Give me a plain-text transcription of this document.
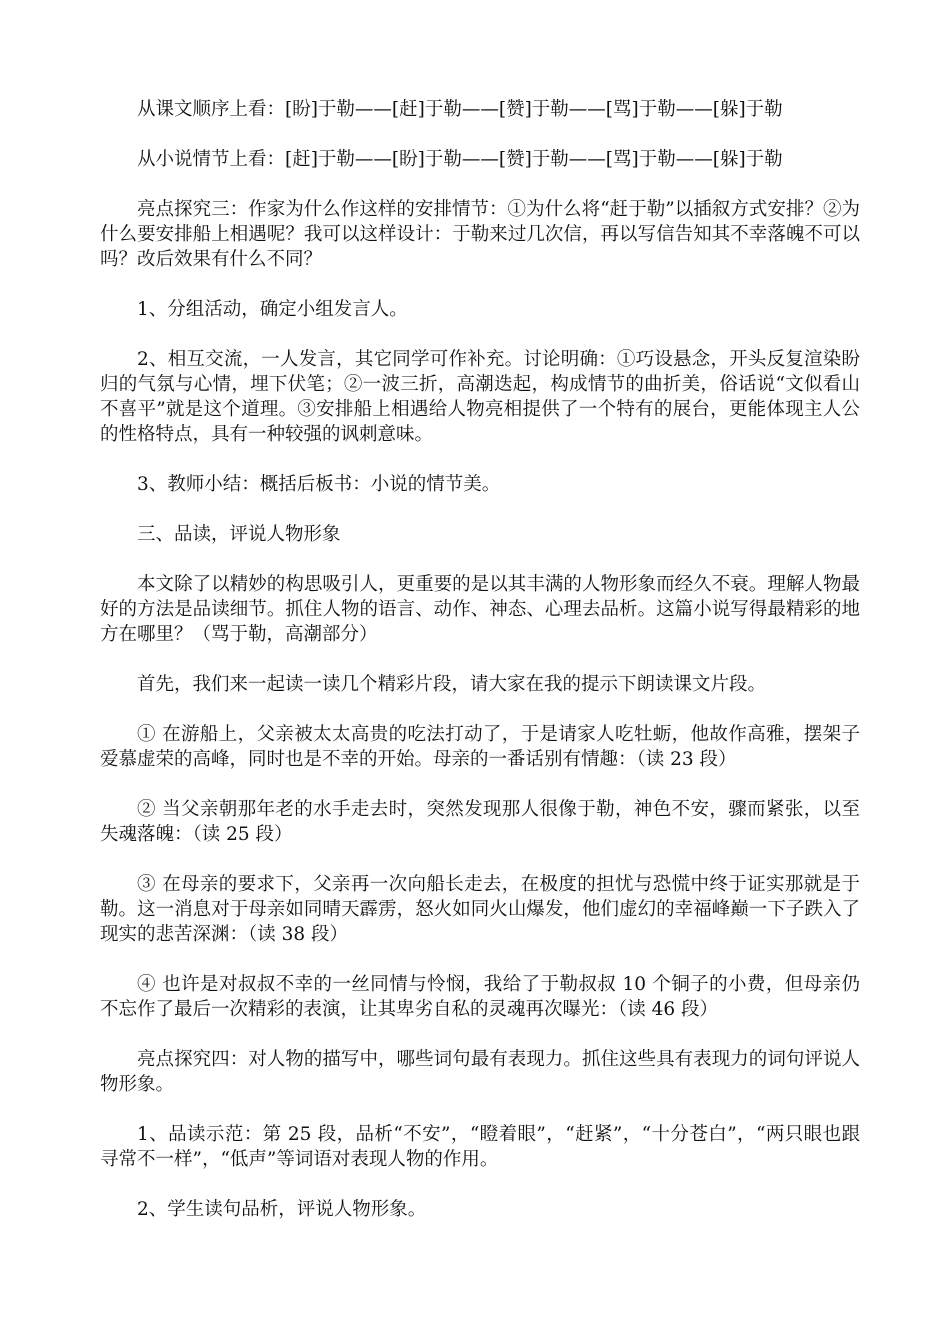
从课文顺序上看：[盼]于勒——[赶]于勒——[赞]于勒——[骂]于勒——[躲]于勒

从小说情节上看：[赶]于勒——[盼]于勒——[赞]于勒——[骂]于勒——[躲]于勒

亮点探究三：作家为什么作这样的安排情节：①为什么将“赶于勒”以插叙方式安排？②为什么要安排船上相遇呢？我可以这样设计：于勒来过几次信，再以写信告知其不幸落魄不可以吗？改后效果有什么不同？

1、分组活动，确定小组发言人。

2、相互交流，一人发言，其它同学可作补充。讨论明确：①巧设悬念，开头反复渲染盼归的气氛与心情，埋下伏笔；②一波三折，高潮迭起，构成情节的曲折美，俗话说“文似看山不喜平”就是这个道理。③安排船上相遇给人物亮相提供了一个特有的展台，更能体现主人公的性格特点，具有一种较强的讽刺意味。

3、教师小结：概括后板书：小说的情节美。

三、品读，评说人物形象

本文除了以精妙的构思吸引人，更重要的是以其丰满的人物形象而经久不衰。理解人物最好的方法是品读细节。抓住人物的语言、动作、神态、心理去品析。这篇小说写得最精彩的地方在哪里？（骂于勒，高潮部分）

首先，我们来一起读一读几个精彩片段，请大家在我的提示下朗读课文片段。

① 在游船上，父亲被太太高贵的吃法打动了，于是请家人吃牡蛎，他故作高雅，摆架子爱慕虚荣的高峰，同时也是不幸的开始。母亲的一番话别有情趣：（读 23 段）

② 当父亲朝那年老的水手走去时，突然发现那人很像于勒，神色不安，骤而紧张，以至失魂落魄：（读 25 段）

③ 在母亲的要求下，父亲再一次向船长走去，在极度的担忧与恐慌中终于证实那就是于勒。这一消息对于母亲如同晴天霹雳，怒火如同火山爆发，他们虚幻的幸福峰巅一下子跌入了现实的悲苦深渊：（读 38 段）

④ 也许是对叔叔不幸的一丝同情与怜悯，我给了于勒叔叔 10 个铜子的小费，但母亲仍不忘作了最后一次精彩的表演，让其卑劣自私的灵魂再次曝光：（读 46 段）

亮点探究四：对人物的描写中，哪些词句最有表现力。抓住这些具有表现力的词句评说人物形象。

1、品读示范：第 25 段，品析“不安”，“瞪着眼”，“赶紧”，“十分苍白”，“两只眼也跟寻常不一样”，“低声”等词语对表现人物的作用。

2、学生读句品析，评说人物形象。
